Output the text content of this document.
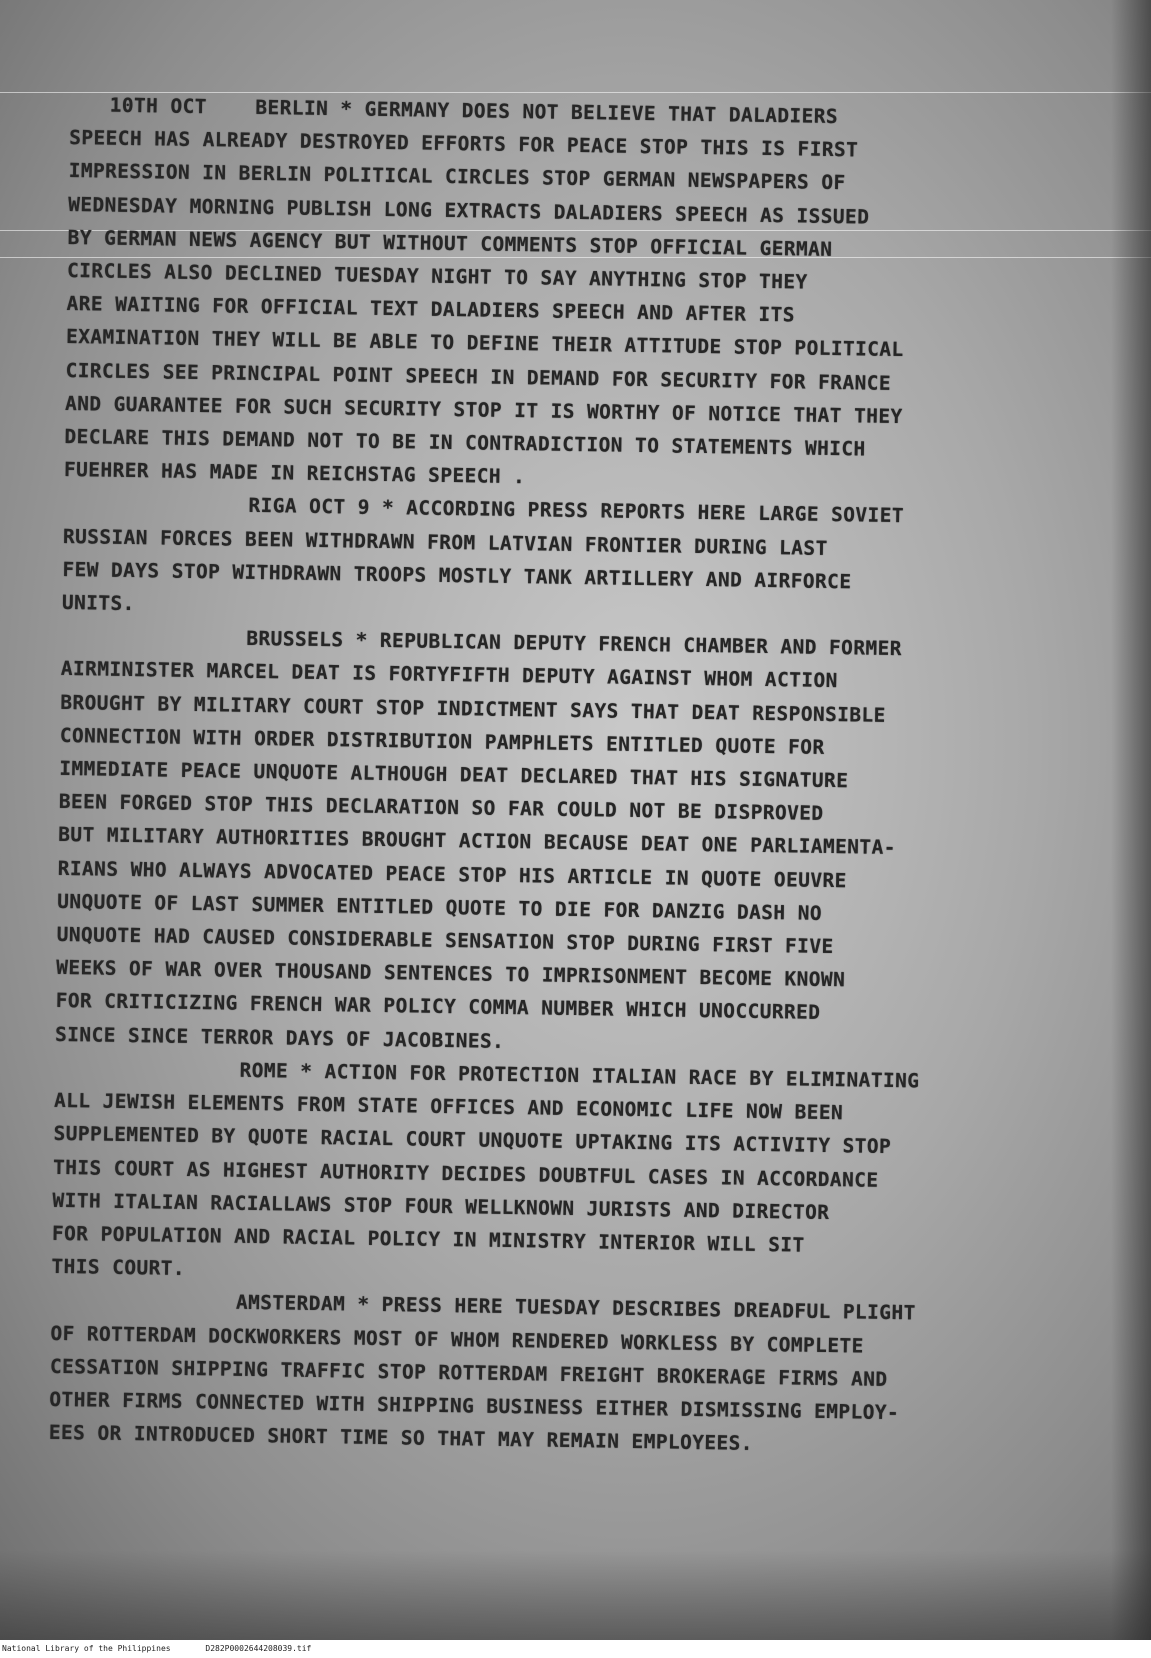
10TH OCT    BERLIN * GERMANY DOES NOT BELIEVE THAT DALADIERS
SPEECH HAS ALREADY DESTROYED EFFORTS FOR PEACE STOP THIS IS FIRST
IMPRESSION IN BERLIN POLITICAL CIRCLES STOP GERMAN NEWSPAPERS OF
WEDNESDAY MORNING PUBLISH LONG EXTRACTS DALADIERS SPEECH AS ISSUED
BY GERMAN NEWS AGENCY BUT WITHOUT COMMENTS STOP OFFICIAL GERMAN
CIRCLES ALSO DECLINED TUESDAY NIGHT TO SAY ANYTHING STOP THEY
ARE WAITING FOR OFFICIAL TEXT DALADIERS SPEECH AND AFTER ITS
EXAMINATION THEY WILL BE ABLE TO DEFINE THEIR ATTITUDE STOP POLITICAL
CIRCLES SEE PRINCIPAL POINT SPEECH IN DEMAND FOR SECURITY FOR FRANCE
AND GUARANTEE FOR SUCH SECURITY STOP IT IS WORTHY OF NOTICE THAT THEY
DECLARE THIS DEMAND NOT TO BE IN CONTRADICTION TO STATEMENTS WHICH
FUEHRER HAS MADE IN REICHSTAG SPEECH .
RIGA OCT 9 * ACCORDING PRESS REPORTS HERE LARGE SOVIET
RUSSIAN FORCES BEEN WITHDRAWN FROM LATVIAN FRONTIER DURING LAST
FEW DAYS STOP WITHDRAWN TROOPS MOSTLY TANK ARTILLERY AND AIRFORCE
UNITS.
BRUSSELS * REPUBLICAN DEPUTY FRENCH CHAMBER AND FORMER
AIRMINISTER MARCEL DEAT IS FORTYFIFTH DEPUTY AGAINST WHOM ACTION
BROUGHT BY MILITARY COURT STOP INDICTMENT SAYS THAT DEAT RESPONSIBLE
CONNECTION WITH ORDER DISTRIBUTION PAMPHLETS ENTITLED QUOTE FOR
IMMEDIATE PEACE UNQUOTE ALTHOUGH DEAT DECLARED THAT HIS SIGNATURE
BEEN FORGED STOP THIS DECLARATION SO FAR COULD NOT BE DISPROVED
BUT MILITARY AUTHORITIES BROUGHT ACTION BECAUSE DEAT ONE PARLIAMENTA-
RIANS WHO ALWAYS ADVOCATED PEACE STOP HIS ARTICLE IN QUOTE OEUVRE
UNQUOTE OF LAST SUMMER ENTITLED QUOTE TO DIE FOR DANZIG DASH NO
UNQUOTE HAD CAUSED CONSIDERABLE SENSATION STOP DURING FIRST FIVE
WEEKS OF WAR OVER THOUSAND SENTENCES TO IMPRISONMENT BECOME KNOWN
FOR CRITICIZING FRENCH WAR POLICY COMMA NUMBER WHICH UNOCCURRED
SINCE SINCE TERROR DAYS OF JACOBINES.
ROME * ACTION FOR PROTECTION ITALIAN RACE BY ELIMINATING
ALL JEWISH ELEMENTS FROM STATE OFFICES AND ECONOMIC LIFE NOW BEEN
SUPPLEMENTED BY QUOTE RACIAL COURT UNQUOTE UPTAKING ITS ACTIVITY STOP
THIS COURT AS HIGHEST AUTHORITY DECIDES DOUBTFUL CASES IN ACCORDANCE
WITH ITALIAN RACIALLAWS STOP FOUR WELLKNOWN JURISTS AND DIRECTOR
FOR POPULATION AND RACIAL POLICY IN MINISTRY INTERIOR WILL SIT
THIS COURT.
AMSTERDAM * PRESS HERE TUESDAY DESCRIBES DREADFUL PLIGHT
OF ROTTERDAM DOCKWORKERS MOST OF WHOM RENDERED WORKLESS BY COMPLETE
CESSATION SHIPPING TRAFFIC STOP ROTTERDAM FREIGHT BROKERAGE FIRMS AND
OTHER FIRMS CONNECTED WITH SHIPPING BUSINESS EITHER DISMISSING EMPLOY-
EES OR INTRODUCED SHORT TIME SO THAT MAY REMAIN EMPLOYEES.
National Library of the Philippines	D282P0002644208039.tif
